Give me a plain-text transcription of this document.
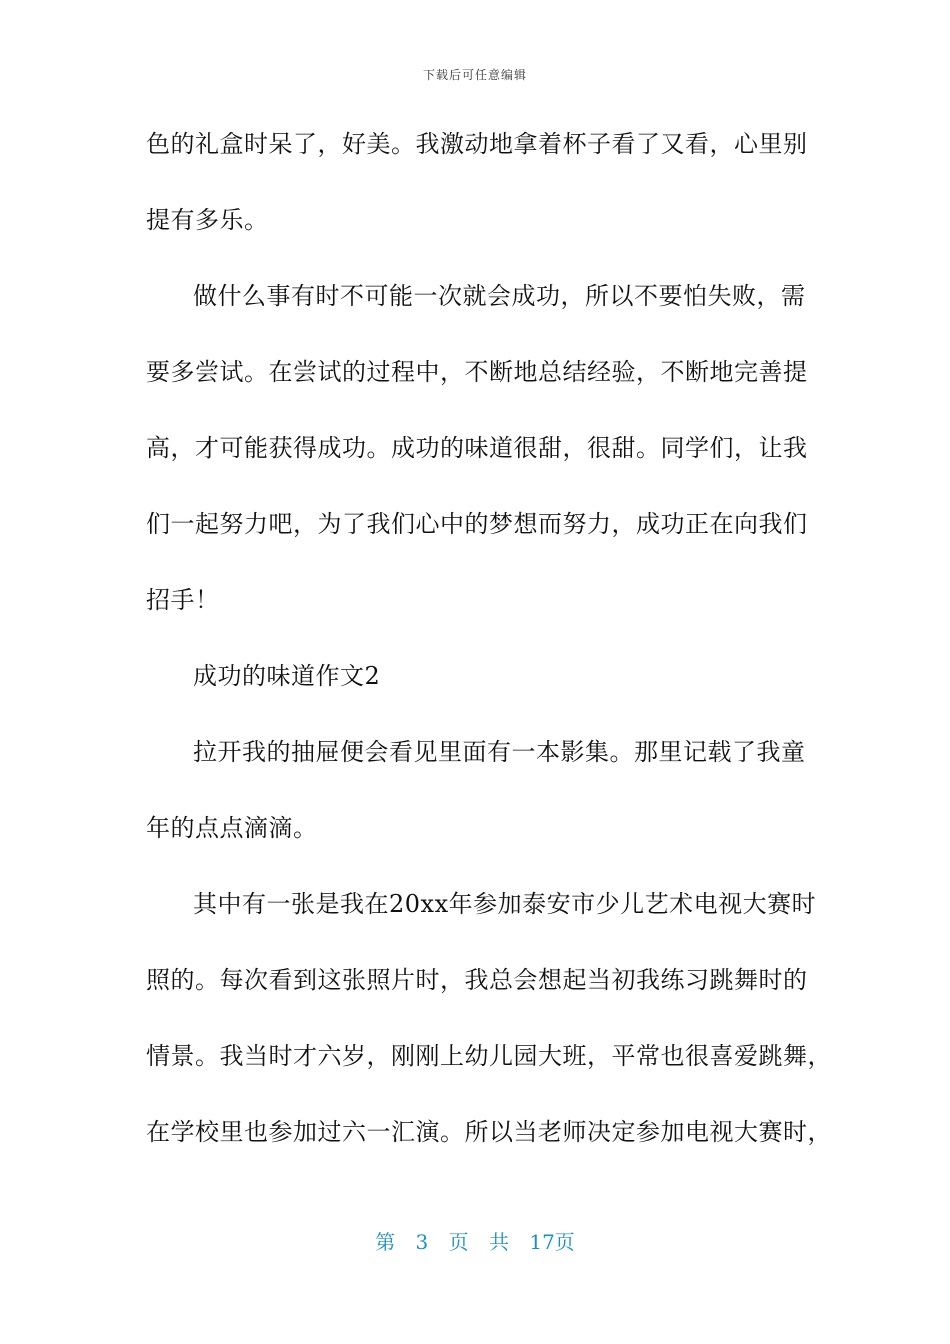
下载后可任意编辑
色的礼盒时呆了，好美。我激动地拿着杯子看了又看，心里别
提有多乐。
做什么事有时不可能一次就会成功，所以不要怕失败，需
要多尝试。在尝试的过程中，不断地总结经验，不断地完善提
高，才可能获得成功。成功的味道很甜，很甜。同学们，让我
们一起努力吧，为了我们心中的梦想而努力，成功正在向我们
招手！
成功的味道作文2
拉开我的抽屉便会看见里面有一本影集。那里记载了我童
年的点点滴滴。
其中有一张是我在20xx年参加泰安市少儿艺术电视大赛时
照的。每次看到这张照片时，我总会想起当初我练习跳舞时的
情景。我当时才六岁，刚刚上幼儿园大班，平常也很喜爱跳舞，
在学校里也参加过六一汇演。所以当老师决定参加电视大赛时，
第 3 页 共 17页
